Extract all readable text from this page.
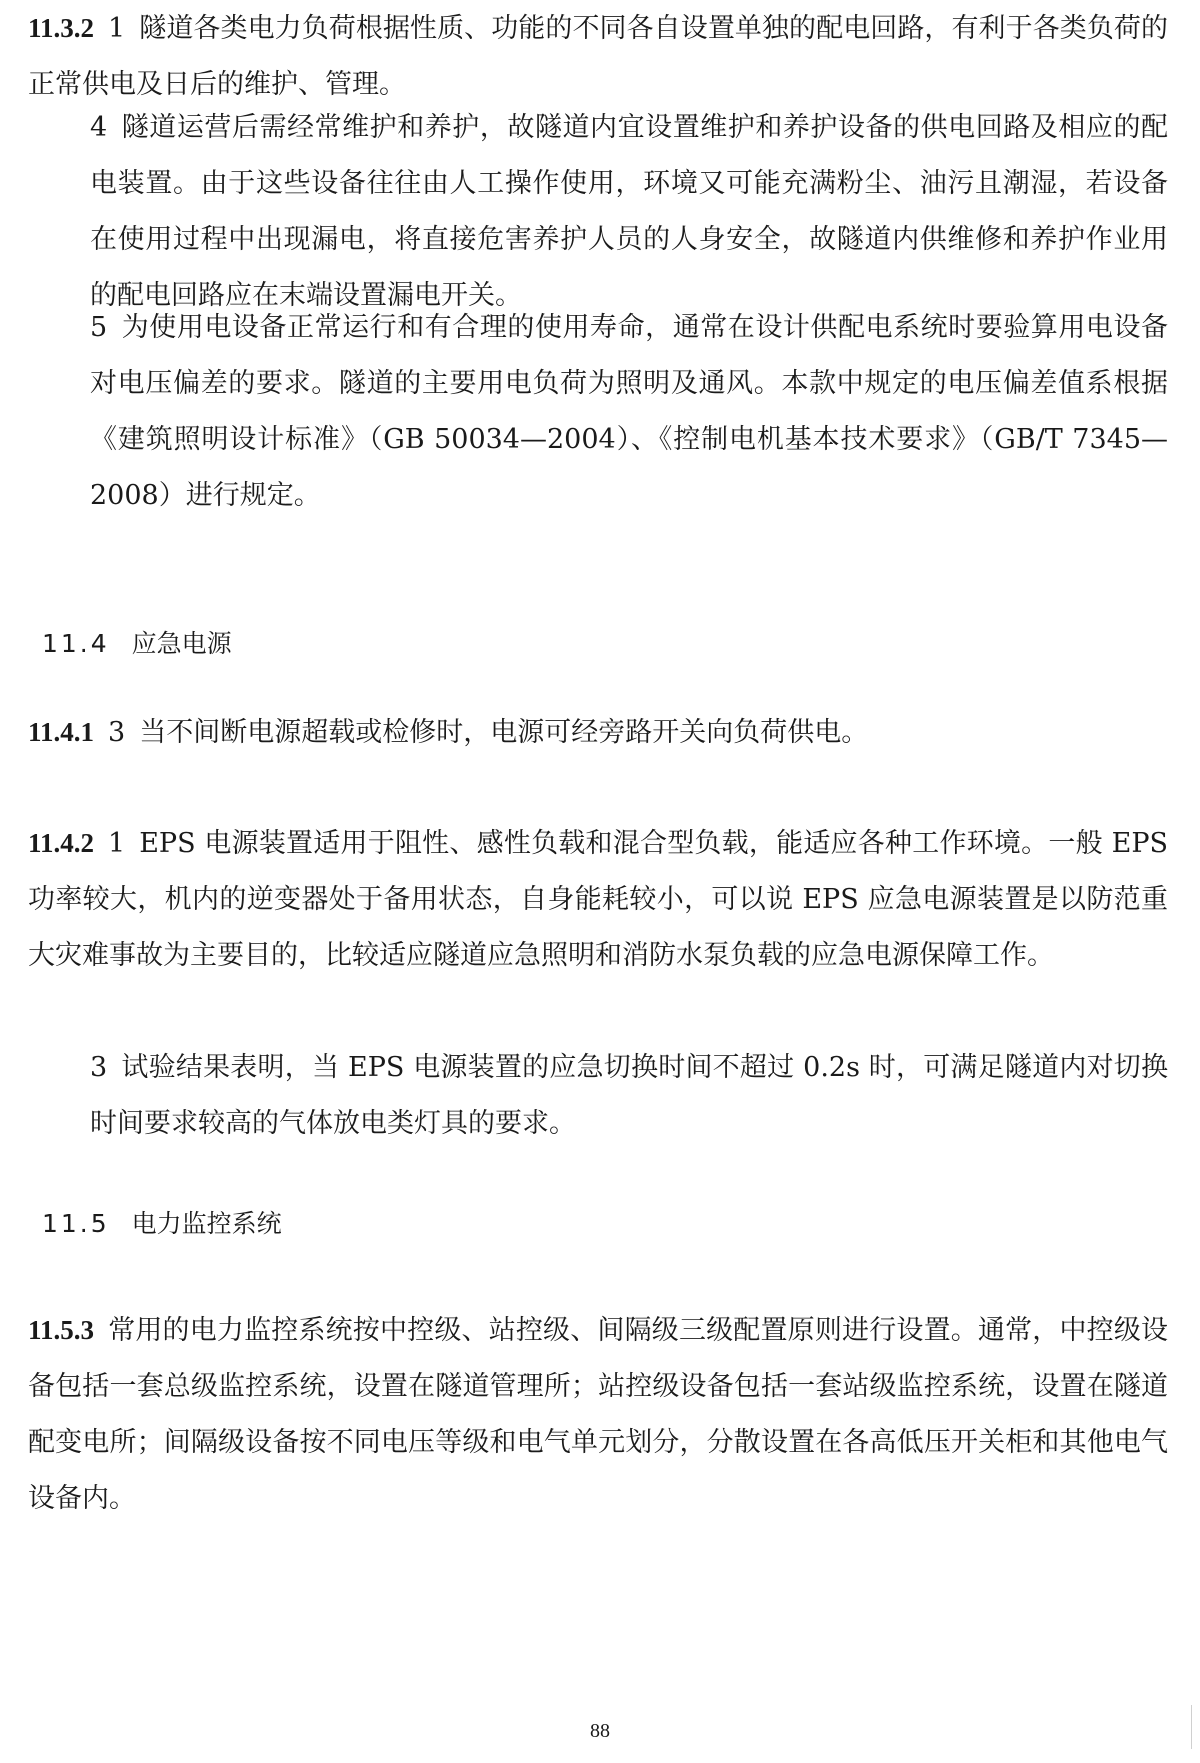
11.3.2 1 隧道各类电力负荷根据性质、功能的不同各自设置单独的配电回路，有利于各类负荷的正常供电及日后的维护、管理。

4 隧道运营后需经常维护和养护，故隧道内宜设置维护和养护设备的供电回路及相应的配电装置。由于这些设备往往由人工操作使用，环境又可能充满粉尘、油污且潮湿，若设备在使用过程中出现漏电，将直接危害养护人员的人身安全，故隧道内供维修和养护作业用的配电回路应在末端设置漏电开关。

5 为使用电设备正常运行和有合理的使用寿命，通常在设计供配电系统时要验算用电设备对电压偏差的要求。隧道的主要用电负荷为照明及通风。本款中规定的电压偏差值系根据《建筑照明设计标准》（GB 50034—2004）、《控制电机基本技术要求》（GB/T 7345—2008）进行规定。

11.4 应急电源

11.4.1 3 当不间断电源超载或检修时，电源可经旁路开关向负荷供电。

11.4.2 1 EPS 电源装置适用于阻性、感性负载和混合型负载，能适应各种工作环境。一般 EPS 功率较大，机内的逆变器处于备用状态，自身能耗较小，可以说 EPS 应急电源装置是以防范重大灾难事故为主要目的，比较适应隧道应急照明和消防水泵负载的应急电源保障工作。

3 试验结果表明，当 EPS 电源装置的应急切换时间不超过 0.2s 时，可满足隧道内对切换时间要求较高的气体放电类灯具的要求。

11.5 电力监控系统

11.5.3 常用的电力监控系统按中控级、站控级、间隔级三级配置原则进行设置。通常，中控级设备包括一套总级监控系统，设置在隧道管理所；站控级设备包括一套站级监控系统，设置在隧道配变电所；间隔级设备按不同电压等级和电气单元划分，分散设置在各高低压开关柜和其他电气设备内。

88
